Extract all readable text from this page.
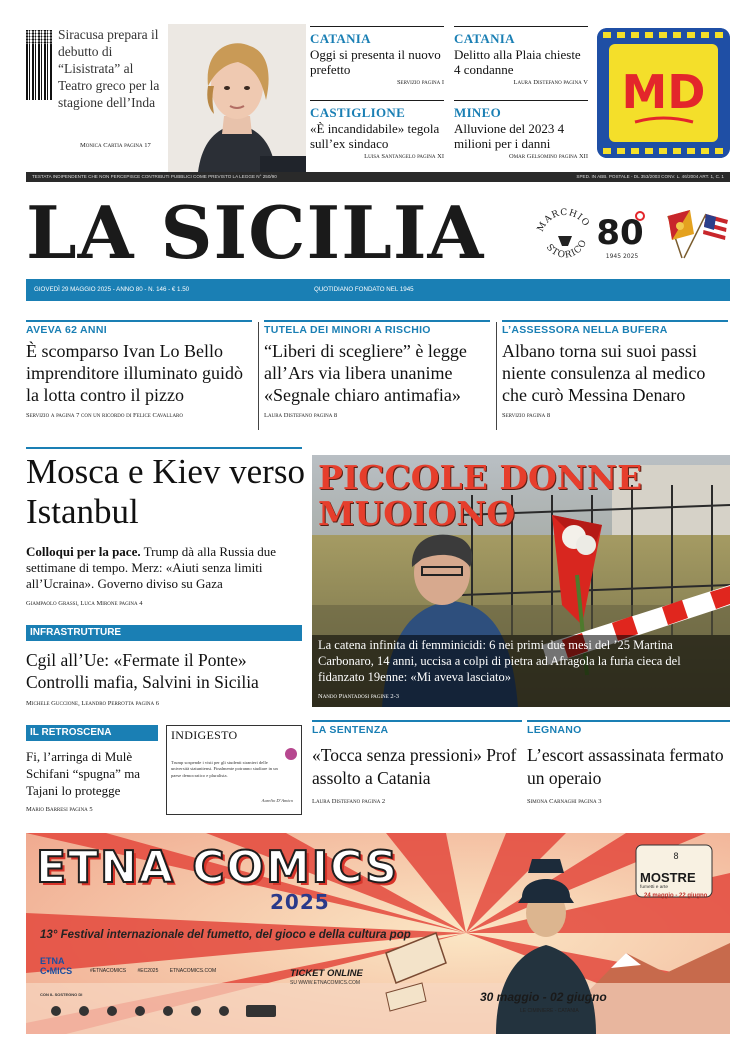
Siracusa prepara il debutto di “Lisistrata” al Teatro greco per la stagione dell’Inda
Monica Cartia pagina 17
CATANIA
Oggi si presenta il nuovo prefetto
Servizio pagina I
CATANIA
Delitto alla Plaia chieste 4 condanne
Laura Distefano pagina V
CASTIGLIONE
«È incandidabile» tegola sull’ex sindaco
Luisa Santangelo pagina XI
MINEO
Alluvione del 2023 4 milioni per i danni
Omar Gelsomino pagina XII
MD
TESTATA INDIPENDENTE CHE NON PERCEPISCE CONTRIBUTI PUBBLICI COME PREVISTO LA LEGGE N° 250/90	SPED. IN ABB. POSTALE - DL 353/2003 CONV. L. 46/2004 ART. 1, C. 1
LA SICILIA	MARCHIO
STORICO 80
1945 2025
GIOVEDÌ 29 MAGGIO 2025 - ANNO 80 - N. 146 - € 1.50	QUOTIDIANO FONDATO NEL 1945
AVEVA 62 ANNI
È scomparso Ivan Lo Bello imprenditore illuminato guidò la lotta contro il pizzo
Servizio a pagina 7 con un ricordo di Felice Cavallaro
TUTELA DEI MINORI A RISCHIO
“Liberi di scegliere” è legge all’Ars via libera unanime «Segnale chiaro antimafia»
Laura Distefano pagina 8
L’ASSESSORA NELLA BUFERA
Albano torna sui suoi passi niente consulenza al medico che curò Messina Denaro
Servizio pagina 8
Mosca e Kiev verso Istanbul
Colloqui per la pace. Trump dà alla Russia due settimane di tempo. Merz: «Aiuti senza limiti all’Ucraina». Governo diviso su Gaza
Giampaolo Grassi, Luca Mirone pagina 4
INFRASTRUTTURE
Cgil all’Ue: «Fermate il Ponte» Controlli mafia, Salvini in Sicilia
Michele Guccione, Leandro Perrotta pagina 6
PICCOLE DONNE MUOIONO
La catena infinita di femminicidi: 6 nei primi due mesi del ’25 Martina Carbonaro, 14 anni, uccisa a colpi di pietra ad Afragola la furia cieca del fidanzato 19enne: «Mi aveva lasciato»
Nando Piantadosi pagine 2-3
IL RETROSCENA
Fi, l’arringa di Mulè Schifani “spugna” ma Tajani lo protegge
Mario Barresi pagina 5
INDIGESTO
Trump sospende i visti per gli studenti stranieri delle università statunitensi. Finalmente potranno studiare in un paese democratico e pluralista.
Aurelio D’Amico
LA SENTENZA
«Tocca senza pressioni» Prof assolto a Catania
Laura Distefano pagina 2
LEGNANO
L’escort assassinata fermato un operaio
Simona Carnaghi pagina 3
8
ETNA COMICS
2025
13° Festival internazionale del fumetto, del gioco e della cultura pop
ETNA
C•MICS	#ETNACOMICS #EC2025 ETNACOMICS.COM	TICKET ONLINE
SU WWW.ETNACOMICS.COM
MOSTRE
fumetti e arte
24 maggio - 22 giugno
30 maggio - 02 giugno
LE CIMINIERE - CATANIA
CON IL SOSTEGNO DI
